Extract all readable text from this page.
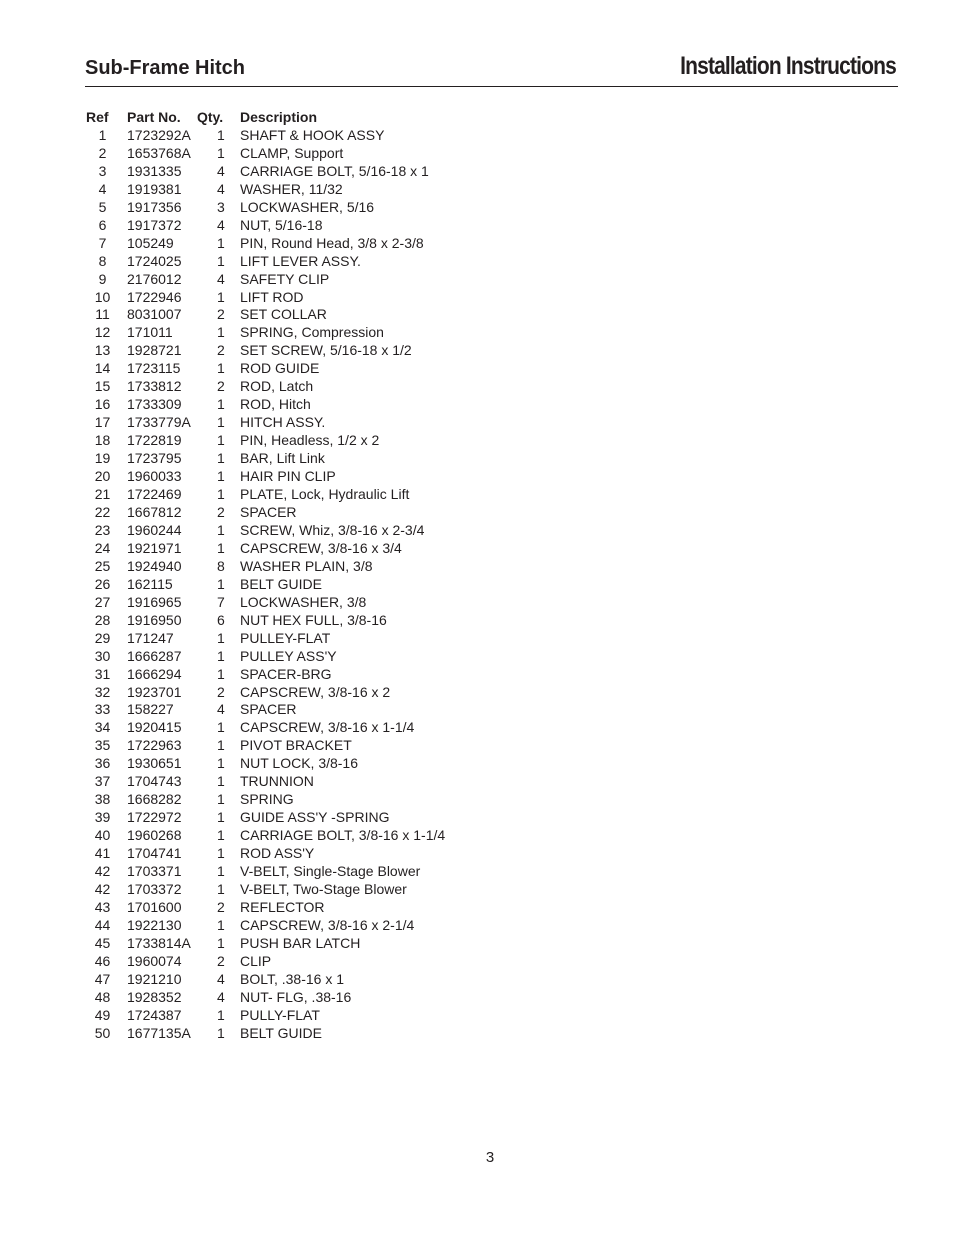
Sub-Frame Hitch	Installation Instructions
Ref	Part No.	Qty.	Description
1	1723292A	1	SHAFT & HOOK ASSY
2	1653768A	1	CLAMP, Support
3	1931335	4	CARRIAGE BOLT, 5/16-18 x 1
4	1919381	4	WASHER, 11/32
5	1917356	3	LOCKWASHER, 5/16
6	1917372	4	NUT, 5/16-18
7	105249	1	PIN, Round Head, 3/8 x 2-3/8
8	1724025	1	LIFT LEVER ASSY.
9	2176012	4	SAFETY CLIP
10	1722946	1	LIFT ROD
11	8031007	2	SET COLLAR
12	171011	1	SPRING, Compression
13	1928721	2	SET SCREW, 5/16-18 x 1/2
14	1723115	1	ROD GUIDE
15	1733812	2	ROD, Latch
16	1733309	1	ROD, Hitch
17	1733779A	1	HITCH ASSY.
18	1722819	1	PIN, Headless, 1/2 x 2
19	1723795	1	BAR, Lift Link
20	1960033	1	HAIR PIN CLIP
21	1722469	1	PLATE, Lock, Hydraulic Lift
22	1667812	2	SPACER
23	1960244	1	SCREW, Whiz, 3/8-16 x 2-3/4
24	1921971	1	CAPSCREW, 3/8-16 x 3/4
25	1924940	8	WASHER PLAIN, 3/8
26	162115	1	BELT GUIDE
27	1916965	7	LOCKWASHER, 3/8
28	1916950	6	NUT HEX FULL, 3/8-16
29	171247	1	PULLEY-FLAT
30	1666287	1	PULLEY ASS'Y
31	1666294	1	SPACER-BRG
32	1923701	2	CAPSCREW, 3/8-16 x 2
33	158227	4	SPACER
34	1920415	1	CAPSCREW, 3/8-16 x 1-1/4
35	1722963	1	PIVOT BRACKET
36	1930651	1	NUT LOCK, 3/8-16
37	1704743	1	TRUNNION
38	1668282	1	SPRING
39	1722972	1	GUIDE ASS'Y -SPRING
40	1960268	1	CARRIAGE BOLT, 3/8-16 x 1-1/4
41	1704741	1	ROD ASS'Y
42	1703371	1	V-BELT, Single-Stage Blower
42	1703372	1	V-BELT, Two-Stage Blower
43	1701600	2	REFLECTOR
44	1922130	1	CAPSCREW, 3/8-16 x 2-1/4
45	1733814A	1	PUSH BAR LATCH
46	1960074	2	CLIP
47	1921210	4	BOLT, .38-16 x 1
48	1928352	4	NUT- FLG, .38-16
49	1724387	1	PULLY-FLAT
50	1677135A	1	BELT GUIDE
3
